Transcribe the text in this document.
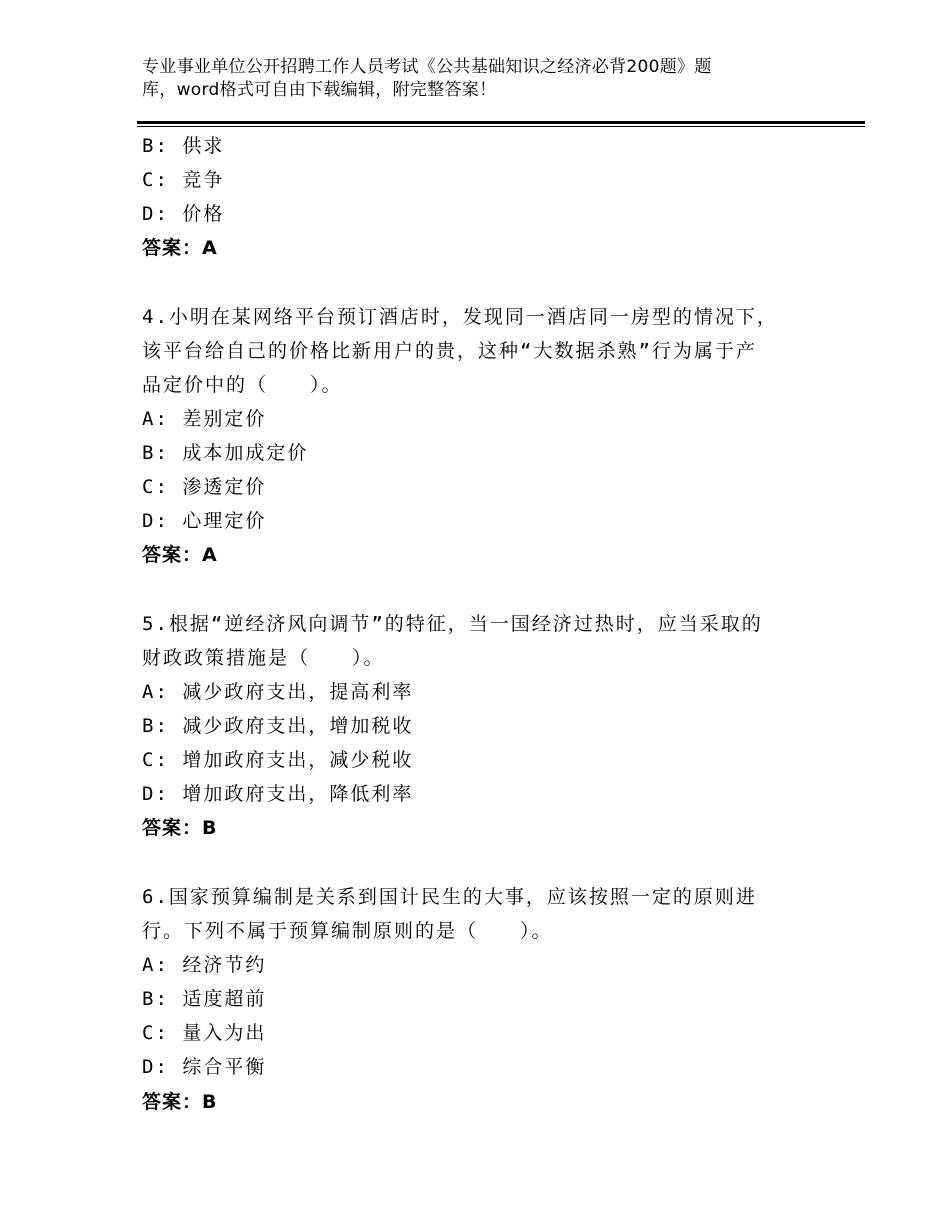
专业事业单位公开招聘工作人员考试《公共基础知识之经济必背200题》题
库，word格式可自由下载编辑，附完整答案！
B: 供求
C: 竞争
D: 价格
答案：A
4.小明在某网络平台预订酒店时，发现同一酒店同一房型的情况下，
该平台给自己的价格比新用户的贵，这种“大数据杀熟”行为属于产
品定价中的（　　）。
A: 差别定价
B: 成本加成定价
C: 渗透定价
D: 心理定价
答案：A
5.根据“逆经济风向调节”的特征，当一国经济过热时，应当采取的
财政政策措施是（　　）。
A: 减少政府支出，提高利率
B: 减少政府支出，增加税收
C: 增加政府支出，减少税收
D: 增加政府支出，降低利率
答案：B
6.国家预算编制是关系到国计民生的大事，应该按照一定的原则进
行。下列不属于预算编制原则的是（　　）。
A: 经济节约
B: 适度超前
C: 量入为出
D: 综合平衡
答案：B
